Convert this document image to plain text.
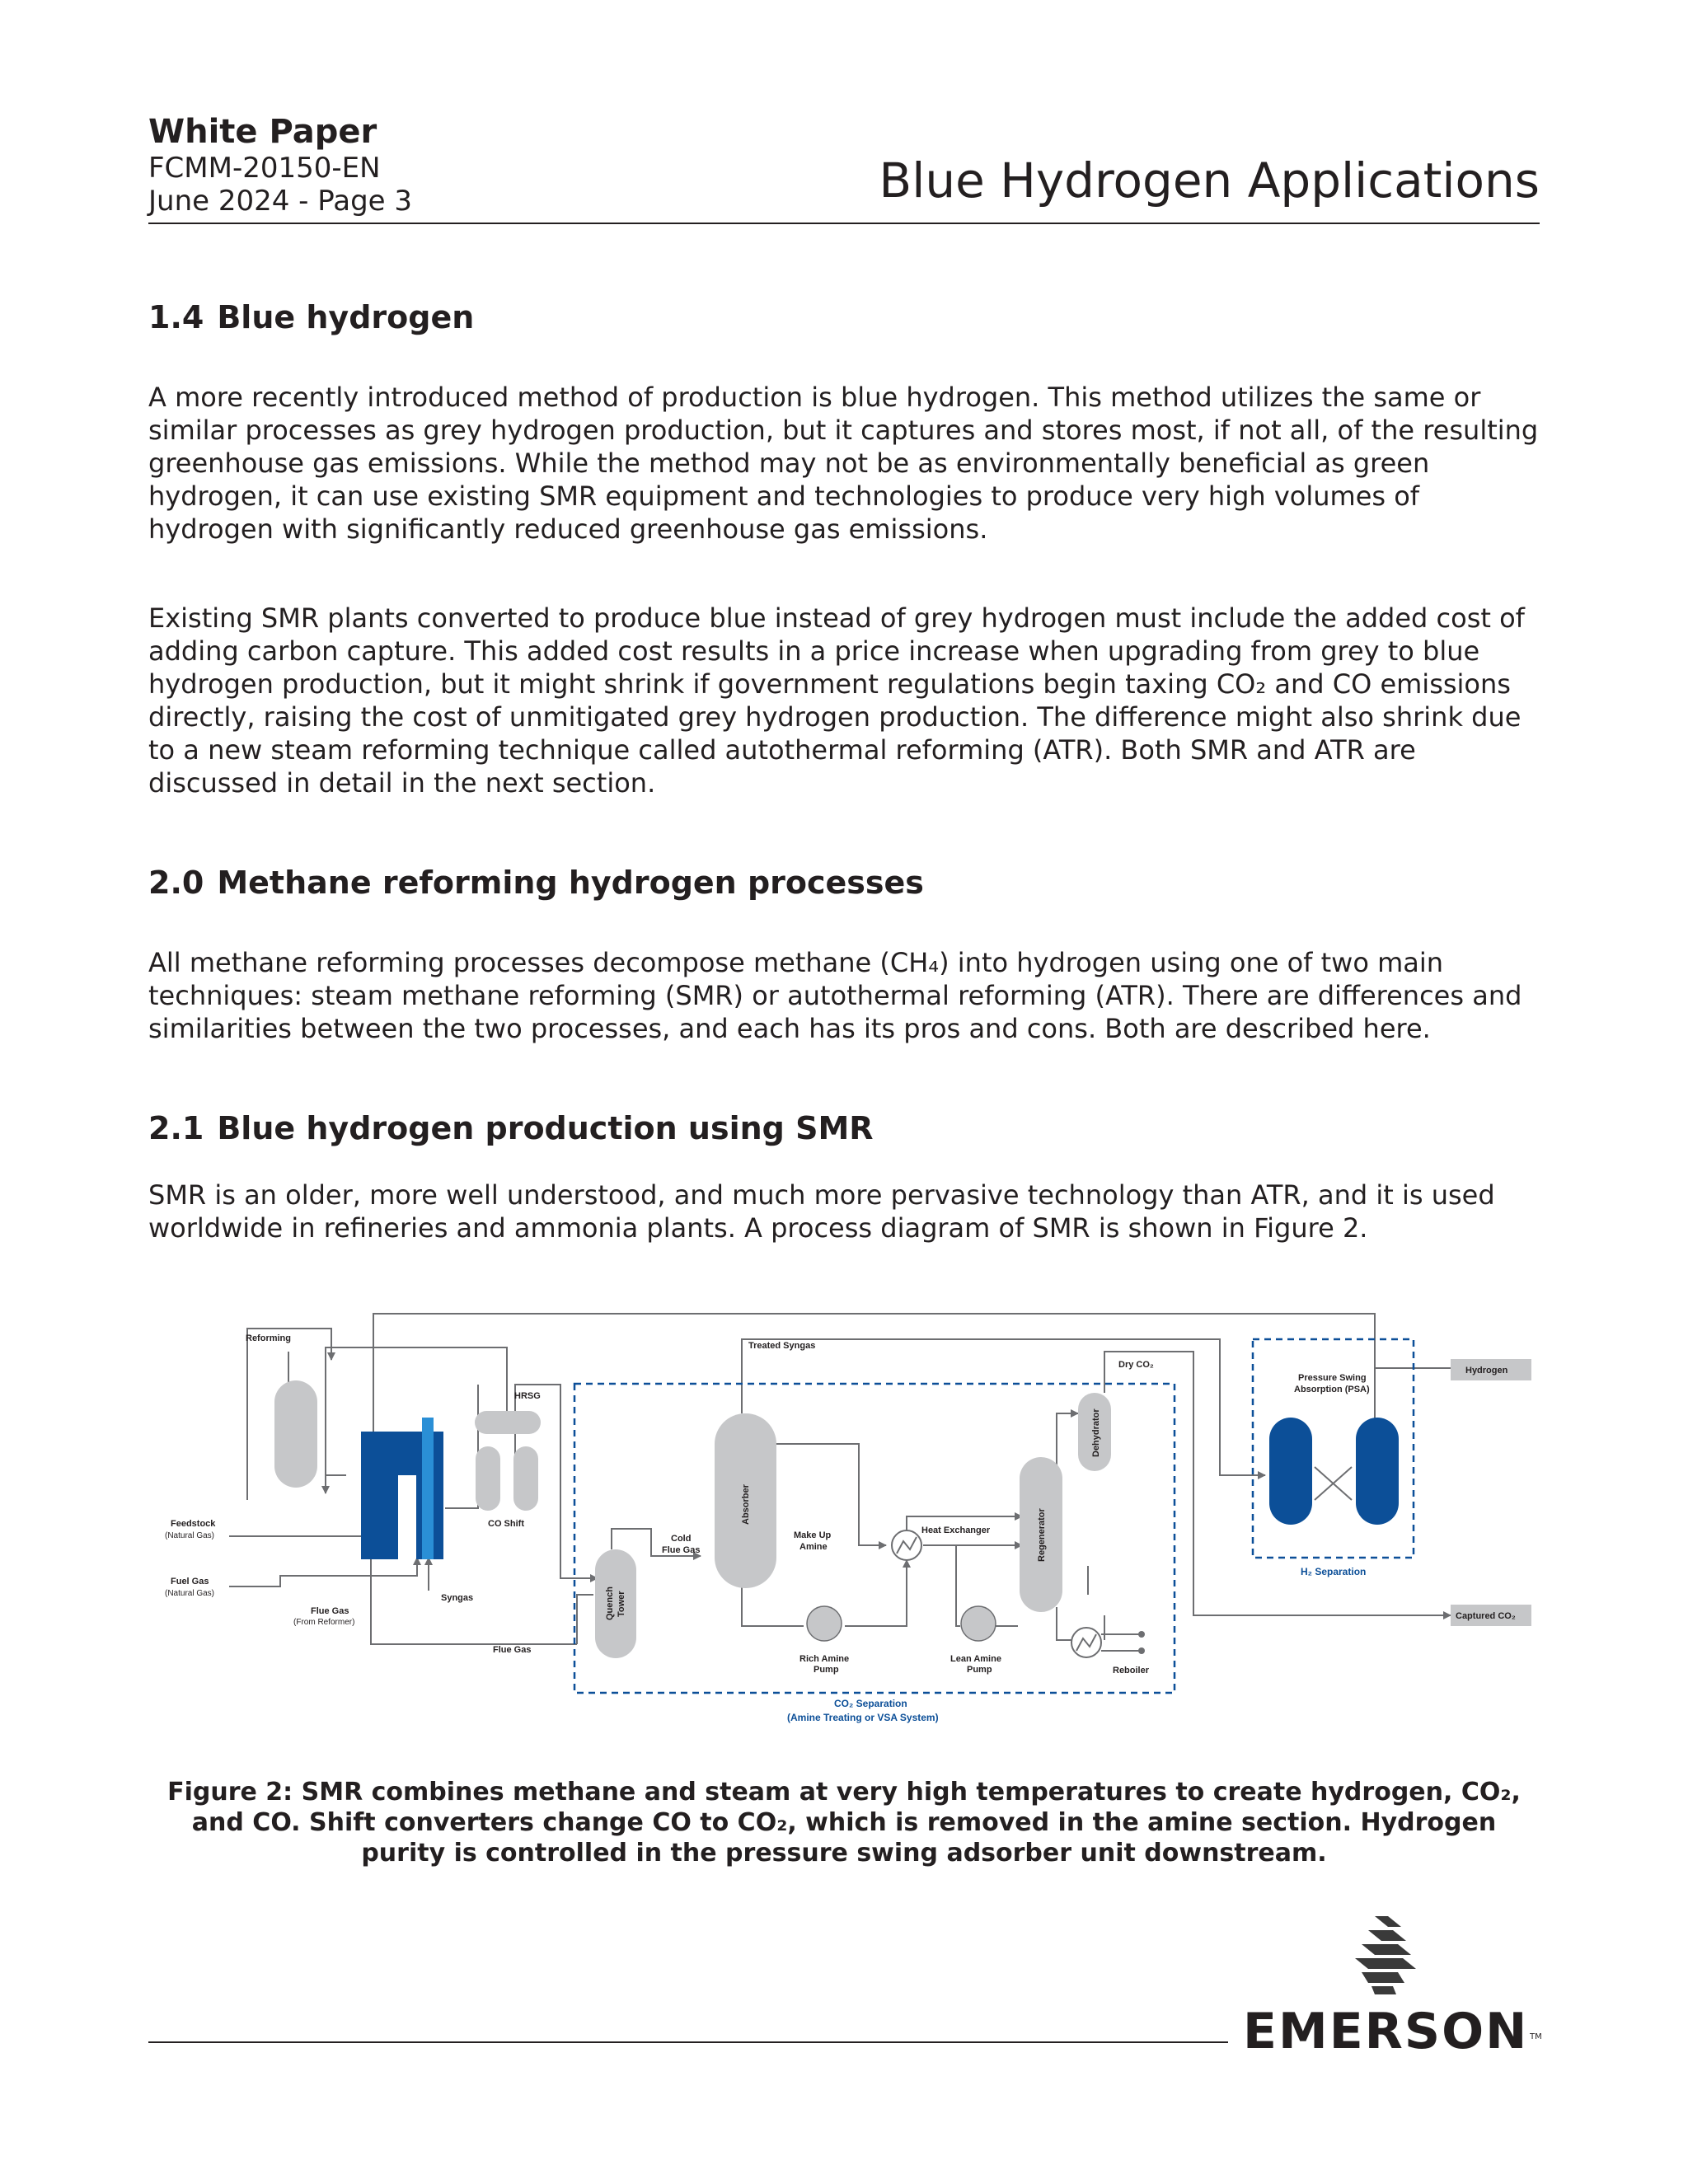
White Paper
FCMM-20150-EN
June 2024 - Page 3	Blue Hydrogen Applications
1.4 Blue hydrogen

A more recently introduced method of production is blue hydrogen. This method utilizes the same or similar processes as grey hydrogen production, but it captures and stores most, if not all, of the resulting greenhouse gas emissions. While the method may not be as environmentally beneficial as green hydrogen, it can use existing SMR equipment and technologies to produce very high volumes of hydrogen with significantly reduced greenhouse gas emissions.

Existing SMR plants converted to produce blue instead of grey hydrogen must include the added cost of adding carbon capture. This added cost results in a price increase when upgrading from grey to blue hydrogen production, but it might shrink if government regulations begin taxing CO₂ and CO emissions directly, raising the cost of unmitigated grey hydrogen production. The difference might also shrink due to a new steam reforming technique called autothermal reforming (ATR). Both SMR and ATR are discussed in detail in the next section.

2.0 Methane reforming hydrogen processes

All methane reforming processes decompose methane (CH₄) into hydrogen using one of two main techniques: steam methane reforming (SMR) or autothermal reforming (ATR). There are differences and similarities between the two processes, and each has its pros and cons. Both are described here.

2.1 Blue hydrogen production using SMR

SMR is an older, more well understood, and much more pervasive technology than ATR, and it is used worldwide in refineries and ammonia plants. A process diagram of SMR is shown in Figure 2.

Reforming
HRSG
CO Shift
Feedstock
Fuel Gas
Flue Gas
Syngas
Flue Gas
Cold
Flue Gas
Treated Syngas
Make Up
Amine
Heat Exchanger
Rich Amine
Pump
Lean Amine
Pump	Reboiler
Dry CO₂
Pressure Swing
Absorption (PSA)
Hydrogen
Captured CO₂
(Natural Gas)
(Natural Gas)
(From Reformer)
Quench Tower
Absorber
Regenerator
Dehydrator
CO₂ Separation
(Amine Treating or VSA System)
H₂ Separation
Figure 2: SMR combines methane and steam at very high temperatures to create hydrogen, CO₂, and CO. Shift converters change CO to CO₂, which is removed in the amine section. Hydrogen purity is controlled in the pressure swing adsorber unit downstream.
EMERSON TM
